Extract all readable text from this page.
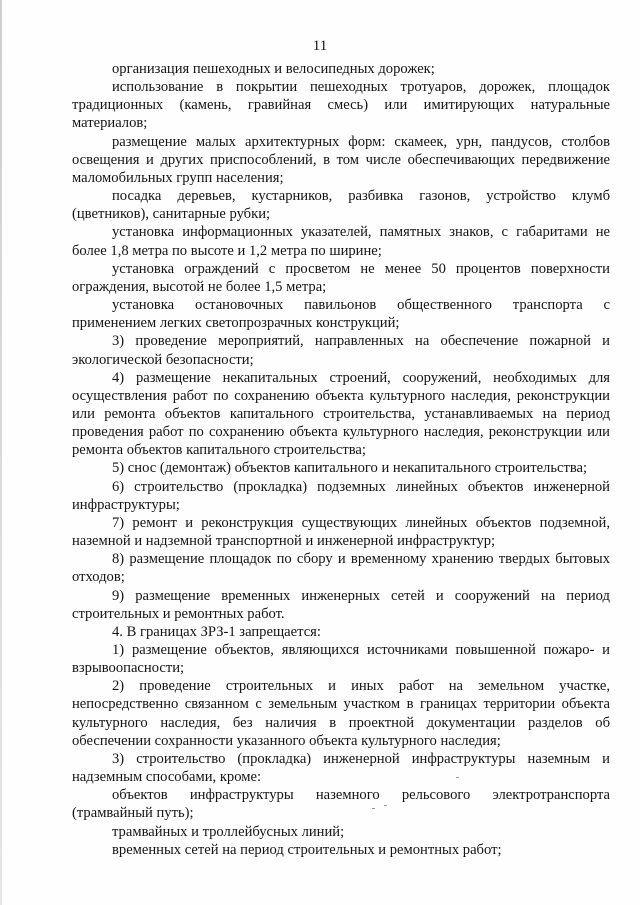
11

организация пешеходных и велосипедных дорожек;

использование в покрытии пешеходных тротуаров, дорожек, площадок традиционных (камень, гравийная смесь) или имитирующих натуральные материалов;

размещение малых архитектурных форм: скамеек, урн, пандусов, столбов освещения и других приспособлений, в том числе обеспечивающих передвижение маломобильных групп населения;

посадка деревьев, кустарников, разбивка газонов, устройство клумб (цветников), санитарные рубки;

установка информационных указателей, памятных знаков, с габаритами не более 1,8 метра по высоте и 1,2 метра по ширине;

установка ограждений с просветом не менее 50 процентов поверхности ограждения, высотой не более 1,5 метра;

установка остановочных павильонов общественного транспорта с применением легких светопрозрачных конструкций;

3) проведение мероприятий, направленных на обеспечение пожарной и экологической безопасности;

4) размещение некапитальных строений, сооружений, необходимых для осуществления работ по сохранению объекта культурного наследия, реконструкции или ремонта объектов капитального строительства, устанавливаемых на период проведения работ по сохранению объекта культурного наследия, реконструкции или ремонта объектов капитального строительства;

5) снос (демонтаж) объектов капитального и некапитального строительства;

6) строительство (прокладка) подземных линейных объектов инженерной инфраструктуры;

7) ремонт и реконструкция существующих линейных объектов подземной, наземной и надземной транспортной и инженерной инфраструктур;

8) размещение площадок по сбору и временному хранению твердых бытовых отходов;

9) размещение временных инженерных сетей и сооружений на период строительных и ремонтных работ.

4. В границах ЗРЗ-1 запрещается:

1) размещение объектов, являющихся источниками повышенной пожаро- и взрывоопасности;

2) проведение строительных и иных работ на земельном участке, непосредственно связанном с земельным участком в границах территории объекта культурного наследия, без наличия в проектной документации разделов об обеспечении сохранности указанного объекта культурного наследия;

3) строительство (прокладка) инженерной инфраструктуры наземным и надземным способами, кроме:

объектов инфраструктуры наземного рельсового электротранспорта (трамвайный путь);

трамвайных и троллейбусных линий;

временных сетей на период строительных и ремонтных работ;
